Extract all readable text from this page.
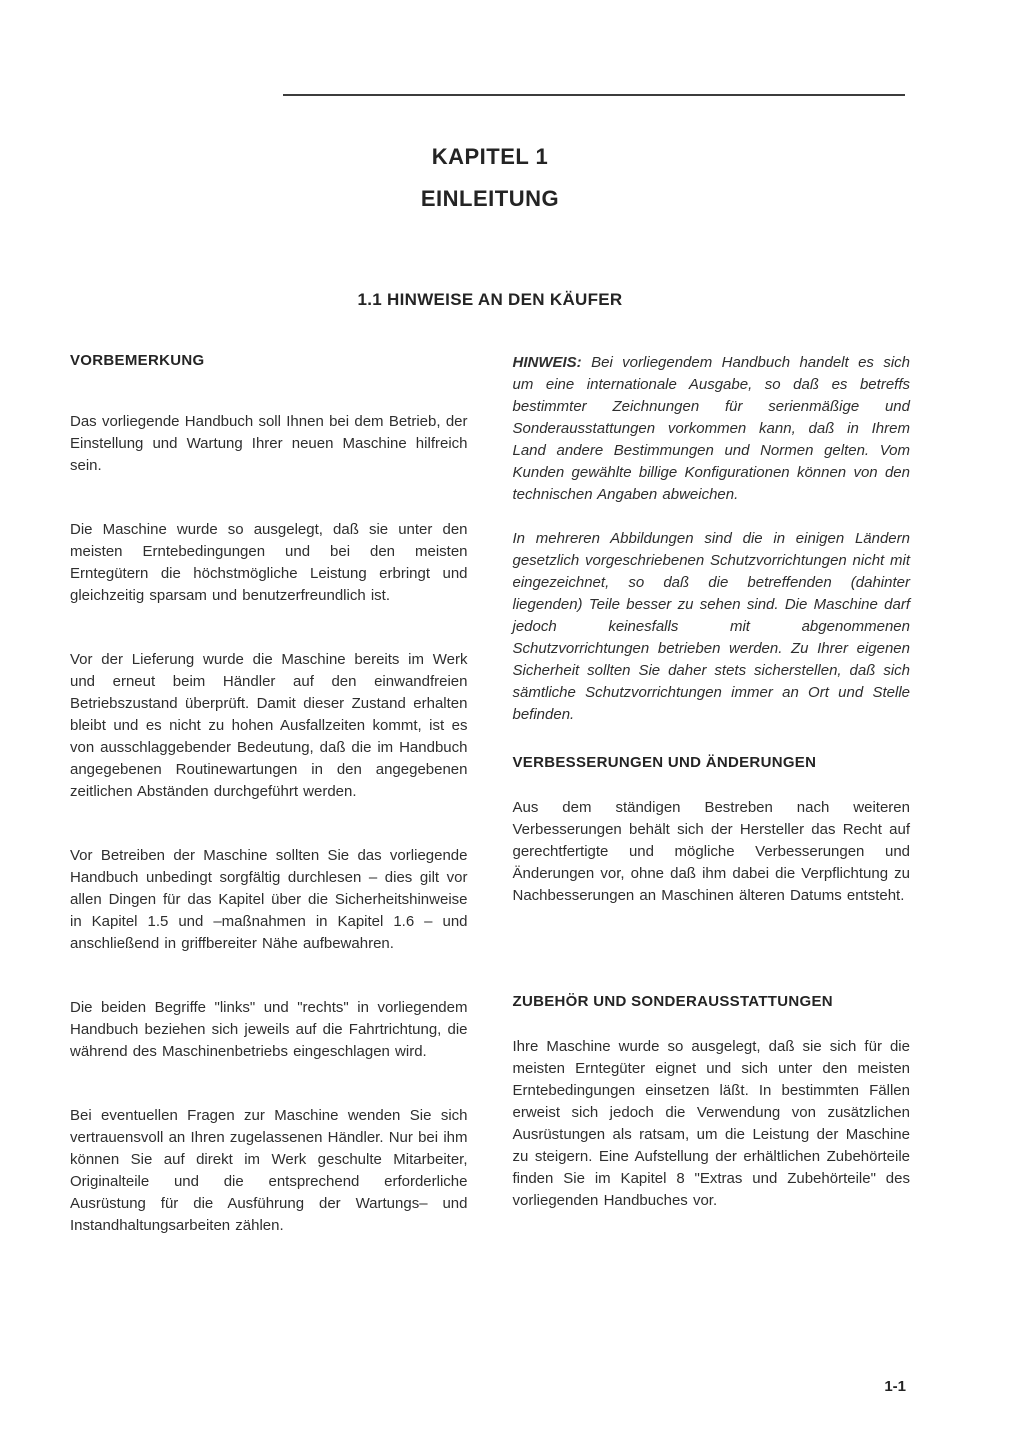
KAPITEL 1
EINLEITUNG
1.1 HINWEISE AN DEN KÄUFER
VORBEMERKUNG

Das vorliegende Handbuch soll Ihnen bei dem Betrieb, der Einstellung und Wartung Ihrer neuen Maschine hilfreich sein.

Die Maschine wurde so ausgelegt, daß sie unter den meisten Erntebedingungen und bei den meisten Erntegütern die höchstmögliche Leistung erbringt und gleichzeitig sparsam und benutzerfreundlich ist.

Vor der Lieferung wurde die Maschine bereits im Werk und erneut beim Händler auf den einwandfreien Betriebszustand überprüft. Damit dieser Zustand erhalten bleibt und es nicht zu hohen Ausfallzeiten kommt, ist es von ausschlaggebender Bedeutung, daß die im Handbuch angegebenen Routinewartungen in den angegebenen zeitlichen Abständen durchgeführt werden.

Vor Betreiben der Maschine sollten Sie das vorliegende Handbuch unbedingt sorgfältig durchlesen – dies gilt vor allen Dingen für das Kapitel über die Sicherheitshinweise in Kapitel 1.5 und –maßnahmen in Kapitel 1.6 – und anschließend in griffbereiter Nähe aufbewahren.

Die beiden Begriffe "links" und "rechts" in vorliegendem Handbuch beziehen sich jeweils auf die Fahrtrichtung, die während des Maschinenbetriebs eingeschlagen wird.

Bei eventuellen Fragen zur Maschine wenden Sie sich vertrauensvoll an Ihren zugelassenen Händler. Nur bei ihm können Sie auf direkt im Werk geschulte Mitarbeiter, Originalteile und die entsprechend erforderliche Ausrüstung für die Ausführung der Wartungs– und Instandhaltungsarbeiten zählen.

HINWEIS: Bei vorliegendem Handbuch handelt es sich um eine internationale Ausgabe, so daß es betreffs bestimmter Zeichnungen für serienmäßige und Sonderausstattungen vorkommen kann, daß in Ihrem Land andere Bestimmungen und Normen gelten. Vom Kunden gewählte billige Konfigurationen können von den technischen Angaben abweichen.

In mehreren Abbildungen sind die in einigen Ländern gesetzlich vorgeschriebenen Schutzvorrichtungen nicht mit eingezeichnet, so daß die betreffenden (dahinter liegenden) Teile besser zu sehen sind. Die Maschine darf jedoch keinesfalls mit abgenommenen Schutzvorrichtungen betrieben werden. Zu Ihrer eigenen Sicherheit sollten Sie daher stets sicherstellen, daß sich sämtliche Schutzvorrichtungen immer an Ort und Stelle befinden.

VERBESSERUNGEN UND ÄNDERUNGEN

Aus dem ständigen Bestreben nach weiteren Verbesserungen behält sich der Hersteller das Recht auf gerechtfertigte und mögliche Verbesserungen und Änderungen vor, ohne daß ihm dabei die Verpflichtung zu Nachbesserungen an Maschinen älteren Datums entsteht.

ZUBEHÖR UND SONDERAUSSTATTUNGEN

Ihre Maschine wurde so ausgelegt, daß sie sich für die meisten Erntegüter eignet und sich unter den meisten Erntebedingungen einsetzen läßt. In bestimmten Fällen erweist sich jedoch die Verwendung von zusätzlichen Ausrüstungen als ratsam, um die Leistung der Maschine zu steigern. Eine Aufstellung der erhältlichen Zubehörteile finden Sie im Kapitel 8 "Extras und Zubehörteile" des vorliegenden Handbuches vor.

1-1
